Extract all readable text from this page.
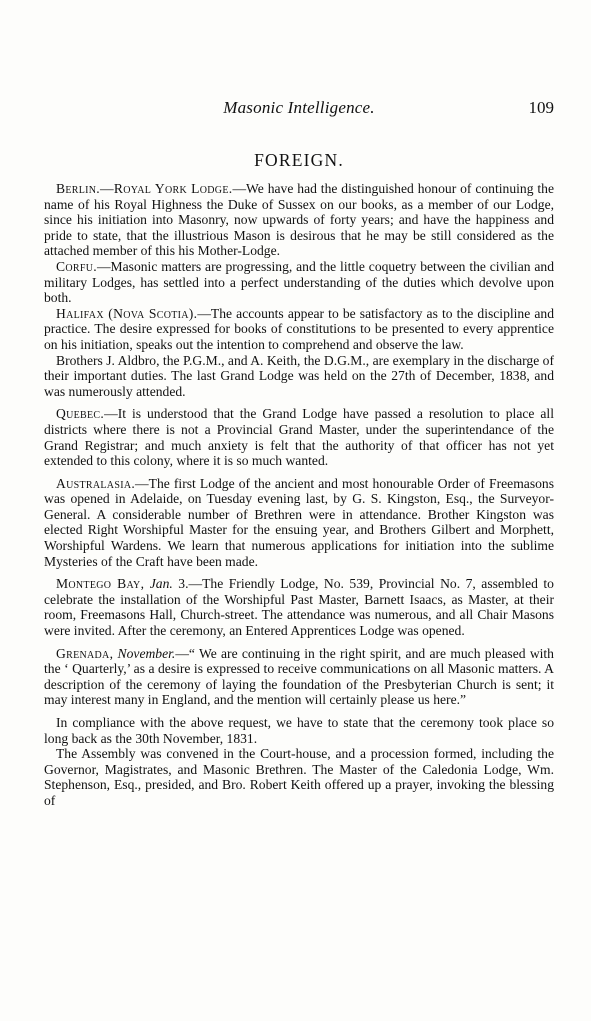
Masonic Intelligence.	109
FOREIGN.

Berlin.—Royal York Lodge.—We have had the distinguished honour of continuing the name of his Royal Highness the Duke of Sussex on our books, as a member of our Lodge, since his initiation into Masonry, now upwards of forty years; and have the happiness and pride to state, that the illustrious Mason is desirous that he may be still considered as the attached member of this his Mother-Lodge.

Corfu.—Masonic matters are progressing, and the little coquetry between the civilian and military Lodges, has settled into a perfect understanding of the duties which devolve upon both.

Halifax (Nova Scotia).—The accounts appear to be satisfactory as to the discipline and practice. The desire expressed for books of constitutions to be presented to every apprentice on his initiation, speaks out the intention to comprehend and observe the law.

Brothers J. Aldbro, the P.G.M., and A. Keith, the D.G.M., are exemplary in the discharge of their important duties. The last Grand Lodge was held on the 27th of December, 1838, and was numerously attended.

Quebec.—It is understood that the Grand Lodge have passed a resolution to place all districts where there is not a Provincial Grand Master, under the superintendance of the Grand Registrar; and much anxiety is felt that the authority of that officer has not yet extended to this colony, where it is so much wanted.

Australasia.—The first Lodge of the ancient and most honourable Order of Freemasons was opened in Adelaide, on Tuesday evening last, by G. S. Kingston, Esq., the Surveyor-General. A considerable number of Brethren were in attendance. Brother Kingston was elected Right Worshipful Master for the ensuing year, and Brothers Gilbert and Morphett, Worshipful Wardens. We learn that numerous applications for initiation into the sublime Mysteries of the Craft have been made.

Montego Bay, Jan. 3.—The Friendly Lodge, No. 539, Provincial No. 7, assembled to celebrate the installation of the Worshipful Past Master, Barnett Isaacs, as Master, at their room, Freemasons Hall, Church-street. The attendance was numerous, and all Chair Masons were invited. After the ceremony, an Entered Apprentices Lodge was opened.

Grenada, November.—“ We are continuing in the right spirit, and are much pleased with the ‘ Quarterly,’ as a desire is expressed to receive communications on all Masonic matters. A description of the ceremony of laying the foundation of the Presbyterian Church is sent; it may interest many in England, and the mention will certainly please us here.”

In compliance with the above request, we have to state that the ceremony took place so long back as the 30th November, 1831.

The Assembly was convened in the Court-house, and a procession formed, including the Governor, Magistrates, and Masonic Brethren. The Master of the Caledonia Lodge, Wm. Stephenson, Esq., presided, and Bro. Robert Keith offered up a prayer, invoking the blessing of
